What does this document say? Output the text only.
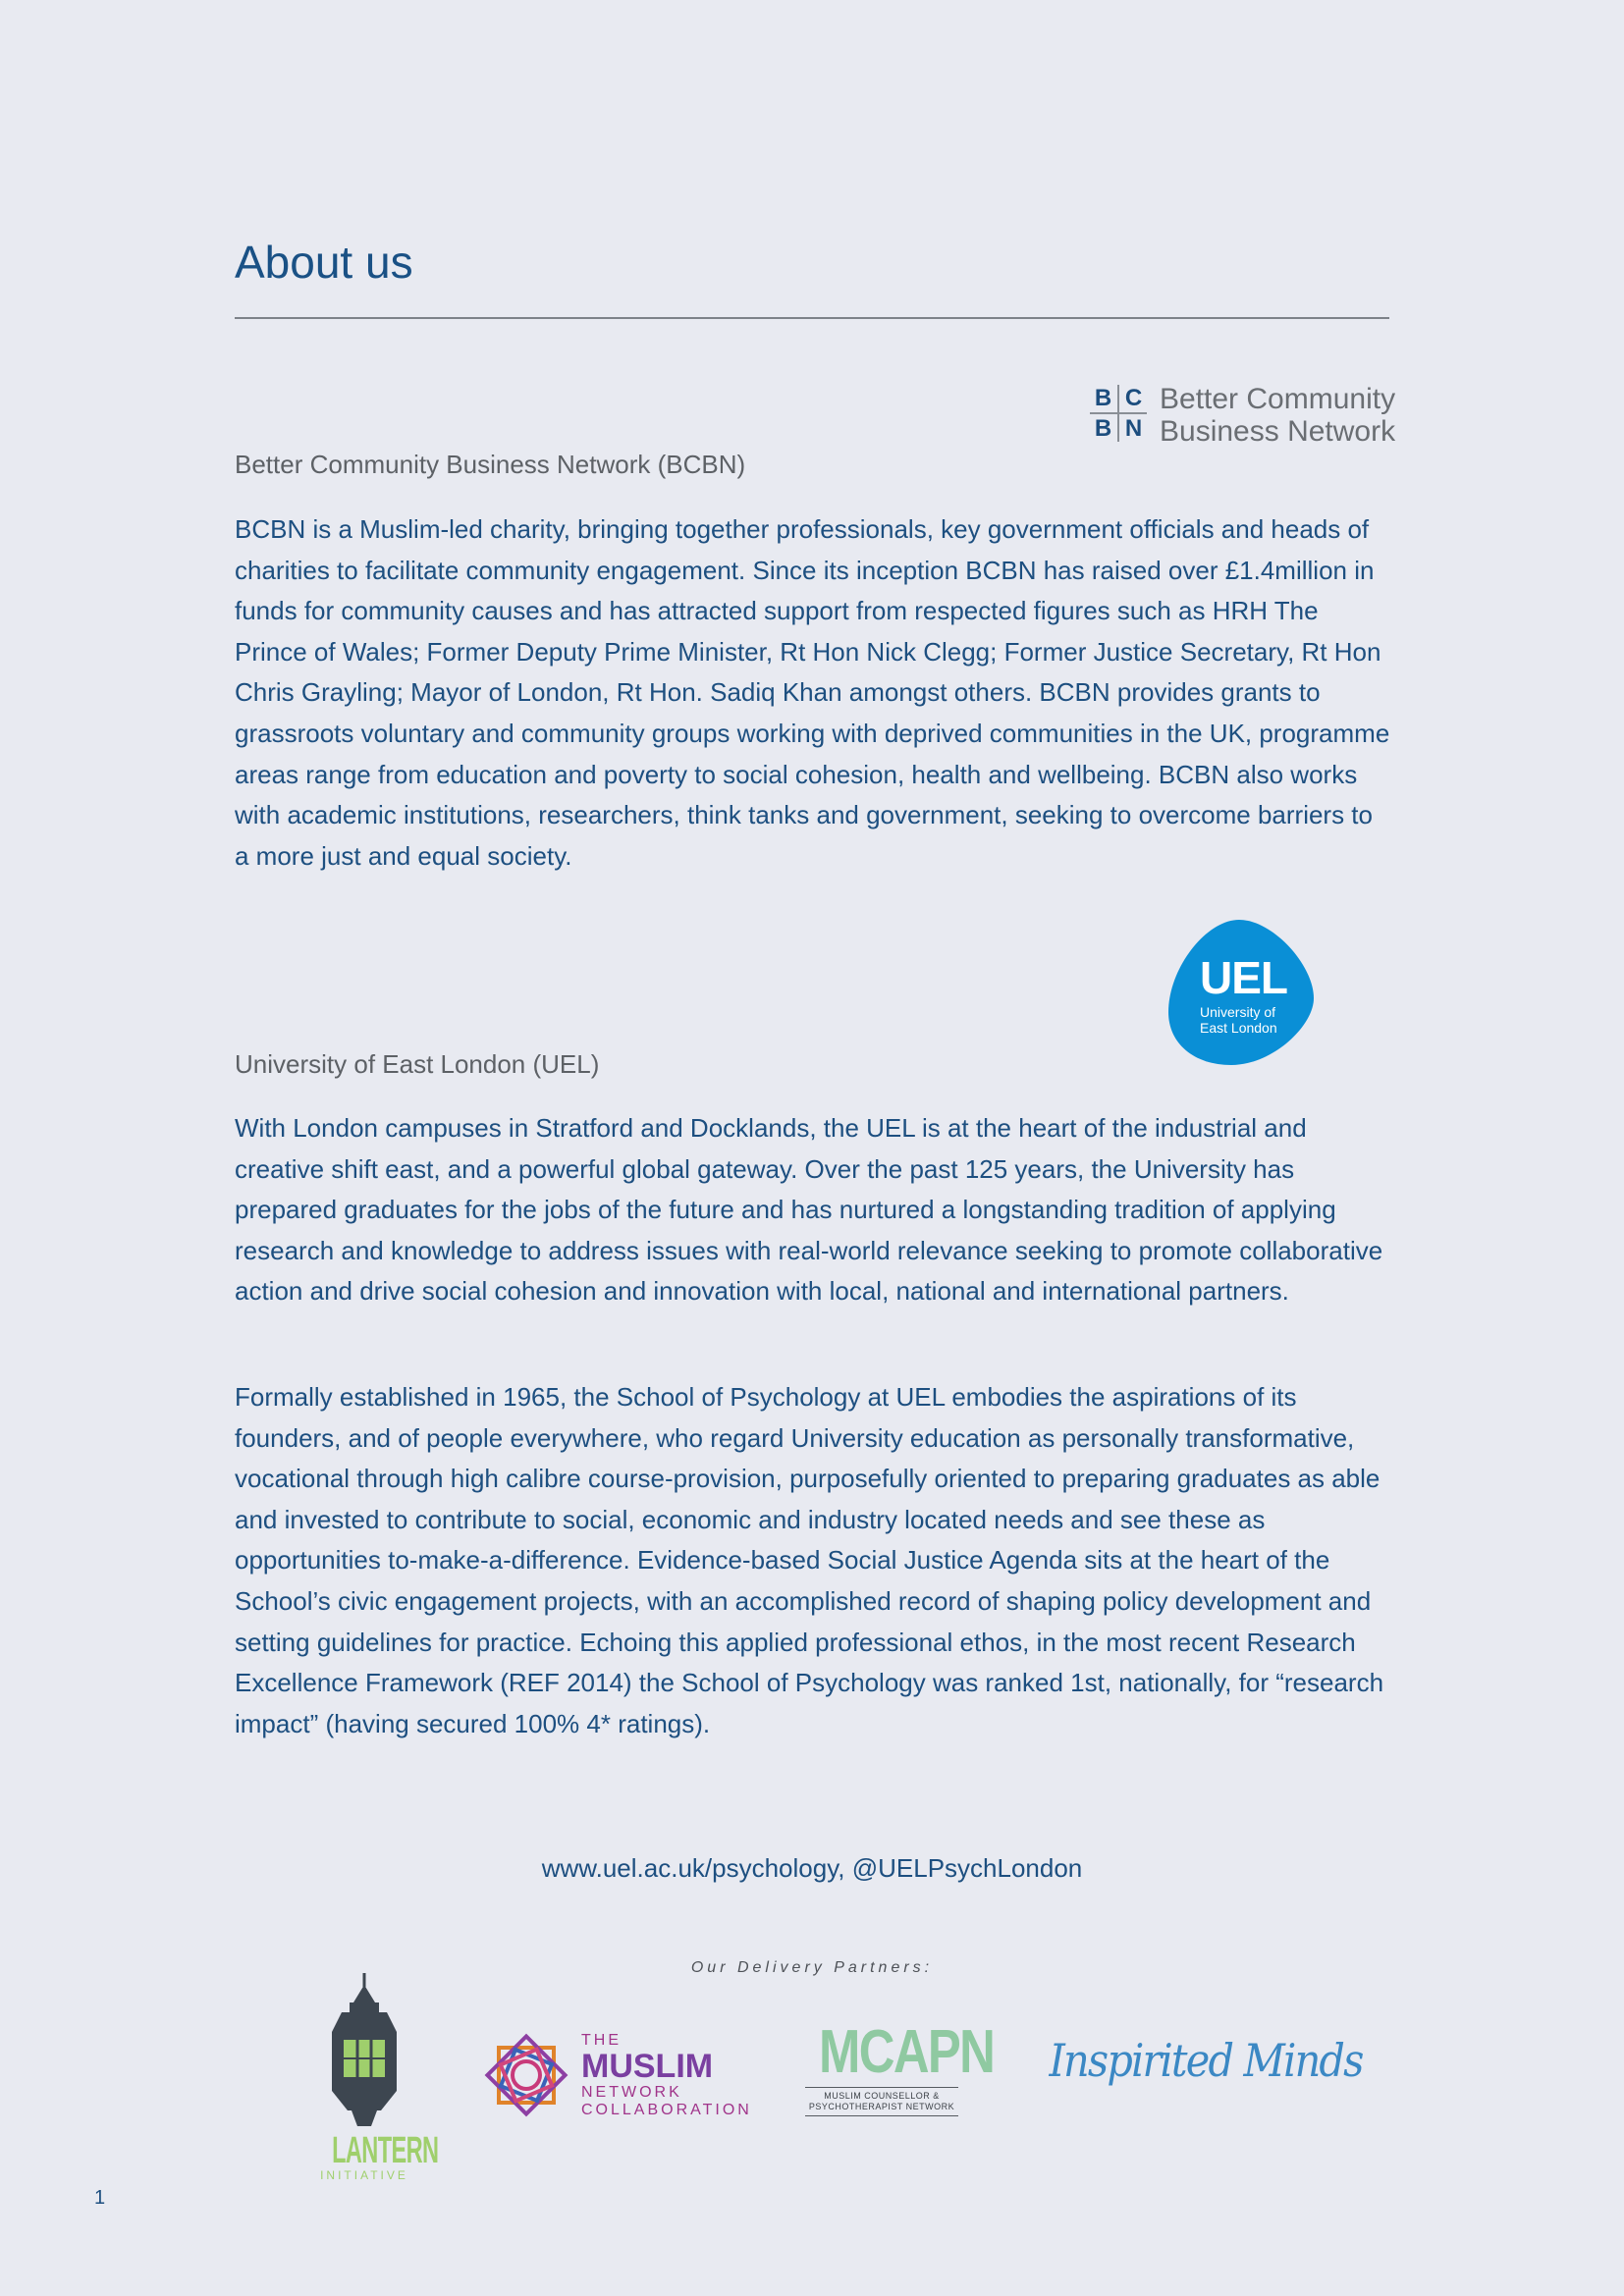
About us
B C
B N
Better Community
Business Network
Better Community Business Network (BCBN)

BCBN is a Muslim-led charity, bringing together professionals, key government officials and heads of charities to facilitate community engagement. Since its inception BCBN has raised over £1.4million in funds for community causes and has attracted support from respected figures such as HRH The Prince of Wales; Former Deputy Prime Minister, Rt Hon Nick Clegg; Former Justice Secretary, Rt Hon Chris Grayling; Mayor of London, Rt Hon. Sadiq Khan amongst others. BCBN provides grants to grassroots voluntary and community groups working with deprived communities in the UK, programme areas range from education and poverty to social cohesion, health and wellbeing. BCBN also works with academic institutions, researchers, think tanks and government, seeking to overcome barriers to a more just and equal society.

UEL
University of
East London
University of East London (UEL)

With London campuses in Stratford and Docklands, the UEL is at the heart of the industrial and creative shift east, and a powerful global gateway. Over the past 125 years, the University has prepared graduates for the jobs of the future and has nurtured a longstanding tradition of applying research and knowledge to address issues with real-world relevance seeking to promote collaborative action and drive social cohesion and innovation with local, national and international partners.

Formally established in 1965, the School of Psychology at UEL embodies the aspirations of its founders, and of people everywhere, who regard University education as personally transformative, vocational through high calibre course-provision, purposefully oriented to preparing graduates as able and invested to contribute to social, economic and industry located needs and see these as opportunities to-make-a-difference. Evidence-based Social Justice Agenda sits at the heart of the School’s civic engagement projects, with an accomplished record of shaping policy development and setting guidelines for practice. Echoing this applied professional ethos, in the most recent Research Excellence Framework (REF 2014) the School of Psychology was ranked 1st, nationally, for “research impact” (having secured 100% 4* ratings).

www.uel.ac.uk/psychology, @UELPsychLondon
Our Delivery Partners:
LANTERN
INITIATIVE
THE
MUSLIM
NETWORK
COLLABORATION
MCAPN
MUSLIM COUNSELLOR &
PSYCHOTHERAPIST NETWORK
Inspirited Minds
1
